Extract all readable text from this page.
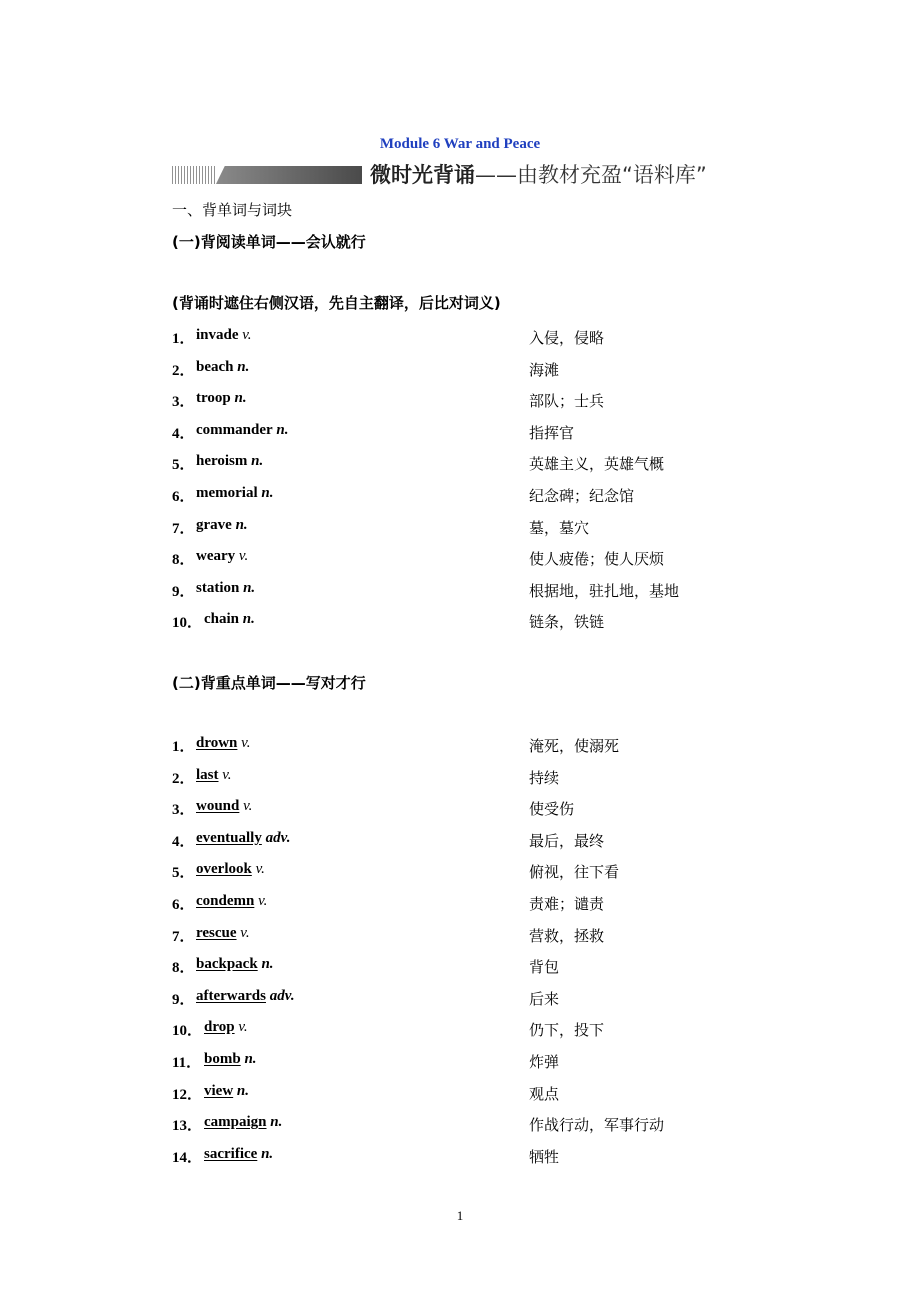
Module 6 War and Peace
微时光背诵——由教材充盈“语料库”
一、背单词与词块
(一)背阅读单词——会认就行
(背诵时遮住右侧汉语，先自主翻译，后比对词义)
1． invade v.	入侵，侵略
2． beach n.	海滩
3． troop n.	部队；士兵
4． commander n.	指挥官
5． heroism n.	英雄主义，英雄气概
6． memorial n.	纪念碑；纪念馆
7． grave n.	墓，墓穴
8． weary v.	使人疲倦；使人厌烦
9． station n.	根据地，驻扎地，基地
10． chain n.	链条，铁链
(二)背重点单词——写对才行
1． drown v.	淹死，使溺死
2． last v.	持续
3． wound v.	使受伤
4． eventually adv.	最后，最终
5． overlook v.	俯视，往下看
6． condemn v.	责难；谴责
7． rescue v.	营救，拯救
8． backpack n.	背包
9． afterwards adv.	后来
10． drop v.	仍下，投下
11． bomb n.	炸弹
12． view n.	观点
13． campaign n.	作战行动，军事行动
14． sacrifice n.	牺牲
1
